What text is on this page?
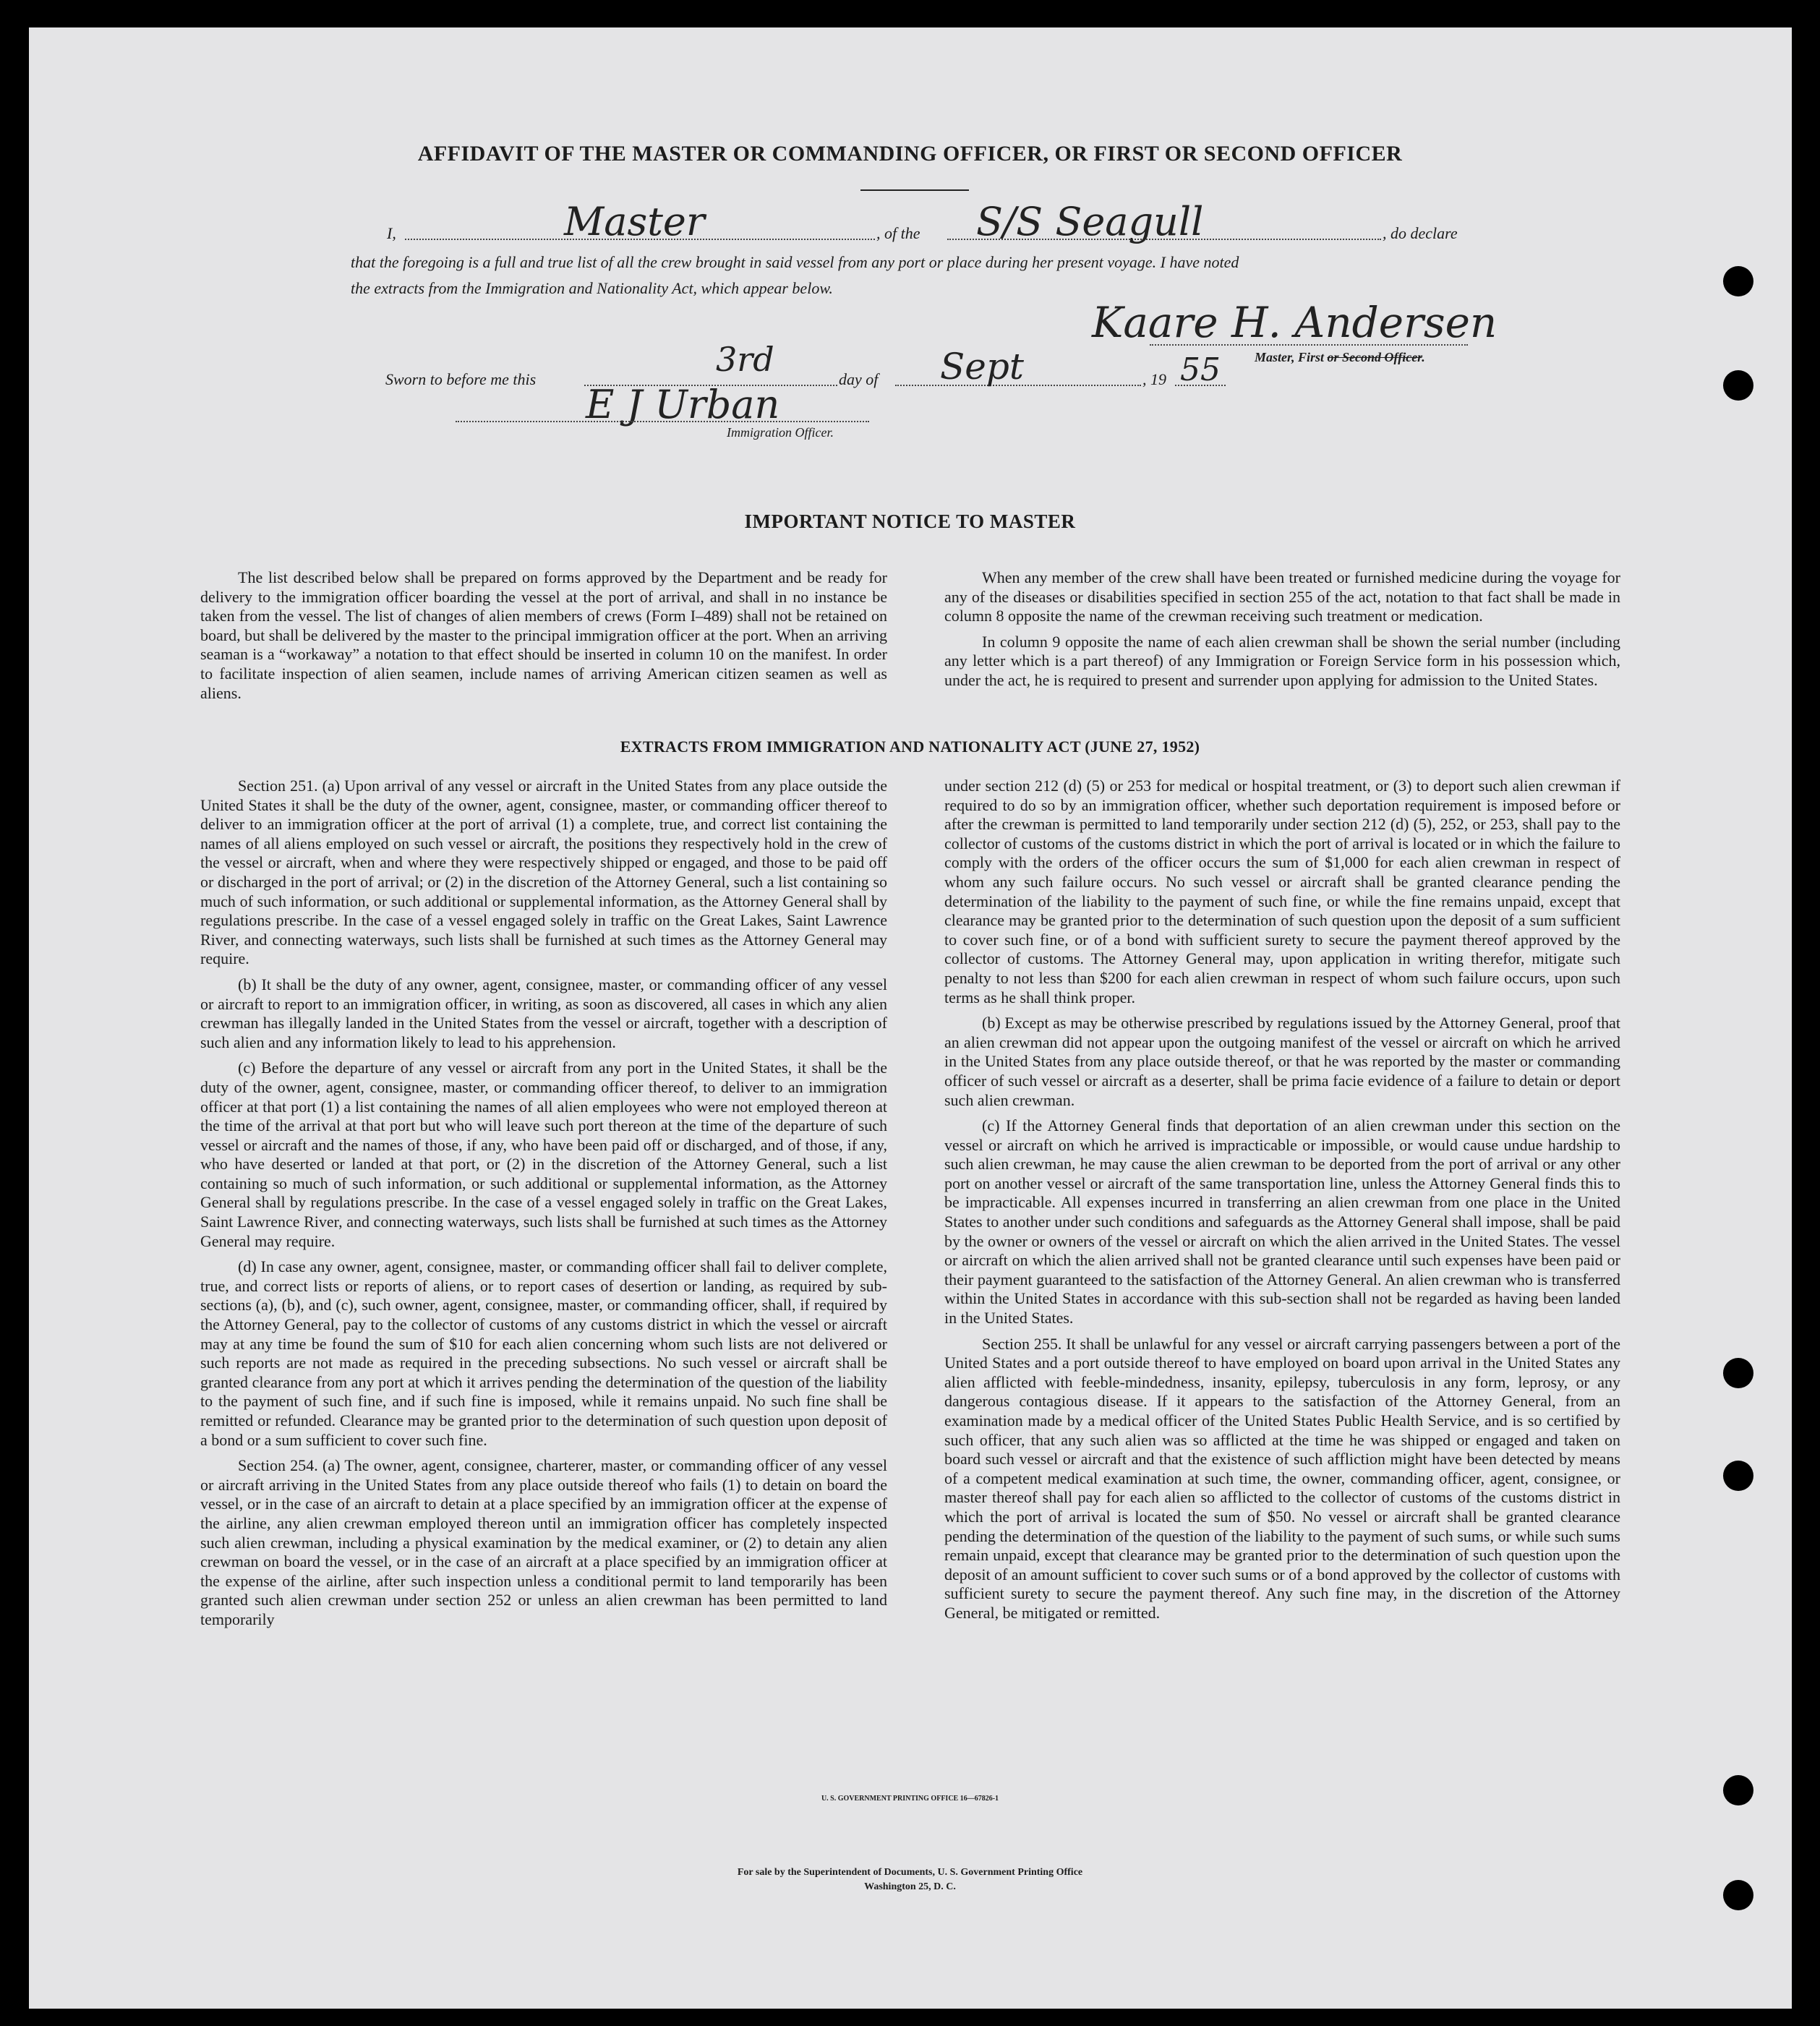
AFFIDAVIT OF THE MASTER OR COMMANDING OFFICER, OR FIRST OR SECOND OFFICER
I,	Master	, of the S/S Seagull	, do declare
that the foregoing is a full and true list of all the crew brought in said vessel from any port or place during her present voyage. I have noted
the extracts from the Immigration and Nationality Act, which appear below.
Kaare H. Andersen
Master, First or Second Officer.
Sworn to before me this
3rd
day of Sept	, 19 55
E J Urban
Immigration Officer.
IMPORTANT NOTICE TO MASTER

The list described below shall be prepared on forms approved by the Department and be ready for delivery to the immigration officer boarding the vessel at the port of arrival, and shall in no instance be taken from the vessel. The list of changes of alien members of crews (Form I–489) shall not be retained on board, but shall be delivered by the master to the principal immigration officer at the port. When an arriving seaman is a “workaway” a notation to that effect should be inserted in column 10 on the manifest. In order to facilitate inspection of alien seamen, include names of arriving American citizen seamen as well as aliens.

When any member of the crew shall have been treated or furnished medicine during the voyage for any of the diseases or disabilities specified in section 255 of the act, notation to that fact shall be made in column 8 opposite the name of the crewman receiving such treatment or medication.

In column 9 opposite the name of each alien crewman shall be shown the serial number (including any letter which is a part thereof) of any Immigration or Foreign Service form in his possession which, under the act, he is required to present and surrender upon applying for admission to the United States.

EXTRACTS FROM IMMIGRATION AND NATIONALITY ACT (JUNE 27, 1952)

Section 251. (a) Upon arrival of any vessel or aircraft in the United States from any place outside the United States it shall be the duty of the owner, agent, consignee, master, or commanding officer thereof to deliver to an immigration officer at the port of arrival (1) a complete, true, and correct list containing the names of all aliens employed on such vessel or aircraft, the positions they respectively hold in the crew of the vessel or aircraft, when and where they were respectively shipped or engaged, and those to be paid off or discharged in the port of arrival; or (2) in the discretion of the Attorney General, such a list containing so much of such information, or such additional or supplemental information, as the Attorney General shall by regulations prescribe. In the case of a vessel engaged solely in traffic on the Great Lakes, Saint Lawrence River, and connecting waterways, such lists shall be furnished at such times as the Attorney General may require.

(b) It shall be the duty of any owner, agent, consignee, master, or commanding officer of any vessel or aircraft to report to an immigration officer, in writing, as soon as discovered, all cases in which any alien crewman has illegally landed in the United States from the vessel or aircraft, together with a description of such alien and any information likely to lead to his apprehension.

(c) Before the departure of any vessel or aircraft from any port in the United States, it shall be the duty of the owner, agent, consignee, master, or commanding officer thereof, to deliver to an immigration officer at that port (1) a list containing the names of all alien employees who were not employed thereon at the time of the arrival at that port but who will leave such port thereon at the time of the departure of such vessel or aircraft and the names of those, if any, who have been paid off or discharged, and of those, if any, who have deserted or landed at that port, or (2) in the discretion of the Attorney General, such a list containing so much of such information, or such additional or supplemental information, as the Attorney General shall by regulations prescribe. In the case of a vessel engaged solely in traffic on the Great Lakes, Saint Lawrence River, and connecting waterways, such lists shall be furnished at such times as the Attorney General may require.

(d) In case any owner, agent, consignee, master, or commanding officer shall fail to deliver complete, true, and correct lists or reports of aliens, or to report cases of desertion or landing, as required by sub-sections (a), (b), and (c), such owner, agent, consignee, master, or commanding officer, shall, if required by the Attorney General, pay to the collector of customs of any customs district in which the vessel or aircraft may at any time be found the sum of $10 for each alien concerning whom such lists are not delivered or such reports are not made as required in the preceding subsections. No such vessel or aircraft shall be granted clearance from any port at which it arrives pending the determination of the question of the liability to the payment of such fine, and if such fine is imposed, while it remains unpaid. No such fine shall be remitted or refunded. Clearance may be granted prior to the determination of such question upon deposit of a bond or a sum sufficient to cover such fine.

Section 254. (a) The owner, agent, consignee, charterer, master, or commanding officer of any vessel or aircraft arriving in the United States from any place outside thereof who fails (1) to detain on board the vessel, or in the case of an aircraft to detain at a place specified by an immigration officer at the expense of the airline, any alien crewman employed thereon until an immigration officer has completely inspected such alien crewman, including a physical examination by the medical examiner, or (2) to detain any alien crewman on board the vessel, or in the case of an aircraft at a place specified by an immigration officer at the expense of the airline, after such inspection unless a conditional permit to land temporarily has been granted such alien crewman under section 252 or unless an alien crewman has been permitted to land temporarily

under section 212 (d) (5) or 253 for medical or hospital treatment, or (3) to deport such alien crewman if required to do so by an immigration officer, whether such deportation requirement is imposed before or after the crewman is permitted to land temporarily under section 212 (d) (5), 252, or 253, shall pay to the collector of customs of the customs district in which the port of arrival is located or in which the failure to comply with the orders of the officer occurs the sum of $1,000 for each alien crewman in respect of whom any such failure occurs. No such vessel or aircraft shall be granted clearance pending the determination of the liability to the payment of such fine, or while the fine remains unpaid, except that clearance may be granted prior to the determination of such question upon the deposit of a sum sufficient to cover such fine, or of a bond with sufficient surety to secure the payment thereof approved by the collector of customs. The Attorney General may, upon application in writing therefor, mitigate such penalty to not less than $200 for each alien crewman in respect of whom such failure occurs, upon such terms as he shall think proper.

(b) Except as may be otherwise prescribed by regulations issued by the Attorney General, proof that an alien crewman did not appear upon the outgoing manifest of the vessel or aircraft on which he arrived in the United States from any place outside thereof, or that he was reported by the master or commanding officer of such vessel or aircraft as a deserter, shall be prima facie evidence of a failure to detain or deport such alien crewman.

(c) If the Attorney General finds that deportation of an alien crewman under this section on the vessel or aircraft on which he arrived is impracticable or impossible, or would cause undue hardship to such alien crewman, he may cause the alien crewman to be deported from the port of arrival or any other port on another vessel or aircraft of the same transportation line, unless the Attorney General finds this to be impracticable. All expenses incurred in transferring an alien crewman from one place in the United States to another under such conditions and safeguards as the Attorney General shall impose, shall be paid by the owner or owners of the vessel or aircraft on which the alien arrived in the United States. The vessel or aircraft on which the alien arrived shall not be granted clearance until such expenses have been paid or their payment guaranteed to the satisfaction of the Attorney General. An alien crewman who is transferred within the United States in accordance with this sub-section shall not be regarded as having been landed in the United States.

Section 255. It shall be unlawful for any vessel or aircraft carrying passengers between a port of the United States and a port outside thereof to have employed on board upon arrival in the United States any alien afflicted with feeble-mindedness, insanity, epilepsy, tuberculosis in any form, leprosy, or any dangerous contagious disease. If it appears to the satisfaction of the Attorney General, from an examination made by a medical officer of the United States Public Health Service, and is so certified by such officer, that any such alien was so afflicted at the time he was shipped or engaged and taken on board such vessel or aircraft and that the existence of such affliction might have been detected by means of a competent medical examination at such time, the owner, commanding officer, agent, consignee, or master thereof shall pay for each alien so afflicted to the collector of customs of the customs district in which the port of arrival is located the sum of $50. No vessel or aircraft shall be granted clearance pending the determination of the question of the liability to the payment of such sums, or while such sums remain unpaid, except that clearance may be granted prior to the determination of such question upon the deposit of an amount sufficient to cover such sums or of a bond approved by the collector of customs with sufficient surety to secure the payment thereof. Any such fine may, in the discretion of the Attorney General, be mitigated or remitted.

U. S. GOVERNMENT PRINTING OFFICE 16—67826-1
For sale by the Superintendent of Documents, U. S. Government Printing Office
Washington 25, D. C.
